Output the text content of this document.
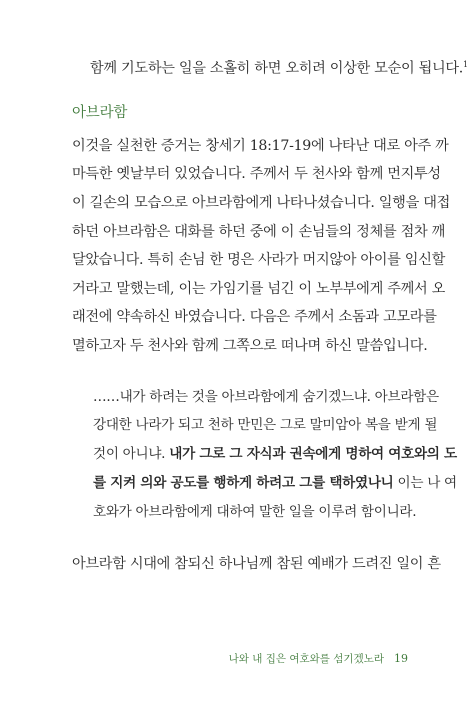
함께 기도하는 일을 소홀히 하면 오히려 이상한 모순이 됩니다.$^1$
아브라함
이것을 실천한 증거는 창세기 18:17-19에 나타난 대로 아주 까
마득한 옛날부터 있었습니다. 주께서 두 천사와 함께 먼지투성
이 길손의 모습으로 아브라함에게 나타나셨습니다. 일행을 대접
하던 아브라함은 대화를 하던 중에 이 손님들의 정체를 점차 깨
달았습니다. 특히 손님 한 명은 사라가 머지않아 아이를 임신할
거라고 말했는데, 이는 가임기를 넘긴 이 노부부에게 주께서 오
래전에 약속하신 바였습니다. 다음은 주께서 소돔과 고모라를
멸하고자 두 천사와 함께 그쪽으로 떠나며 하신 말씀입니다.
……내가 하려는 것을 아브라함에게 숨기겠느냐. 아브라함은
강대한 나라가 되고 천하 만민은 그로 말미암아 복을 받게 될
것이 아니냐. 내가 그로 그 자식과 권속에게 명하여 여호와의 도
를 지켜 의와 공도를 행하게 하려고 그를 택하였나니 이는 나 여
호와가 아브라함에게 대하여 말한 일을 이루려 함이니라.
아브라함 시대에 참되신 하나님께 참된 예배가 드려진 일이 흔
나와 내 집은 여호와를 섬기겠노라 19
